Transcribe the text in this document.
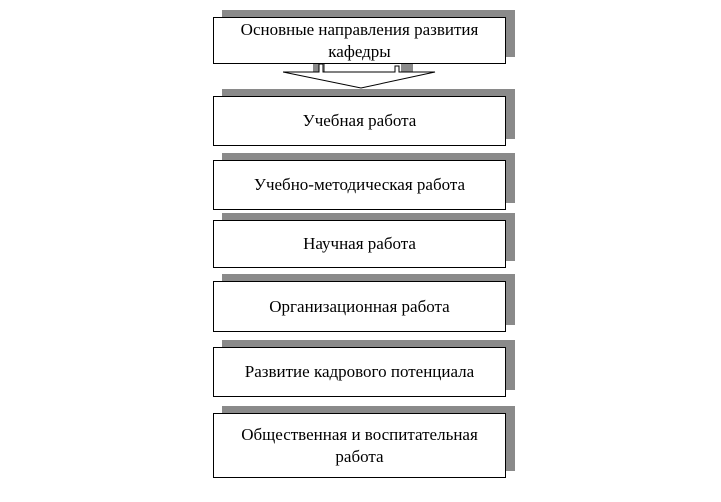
Основные направления развития
кафедры
Учебная работа
Учебно-методическая работа
Научная работа
Организационная работа
Развитие кадрового потенциала
Общественная и воспитательная
работа
